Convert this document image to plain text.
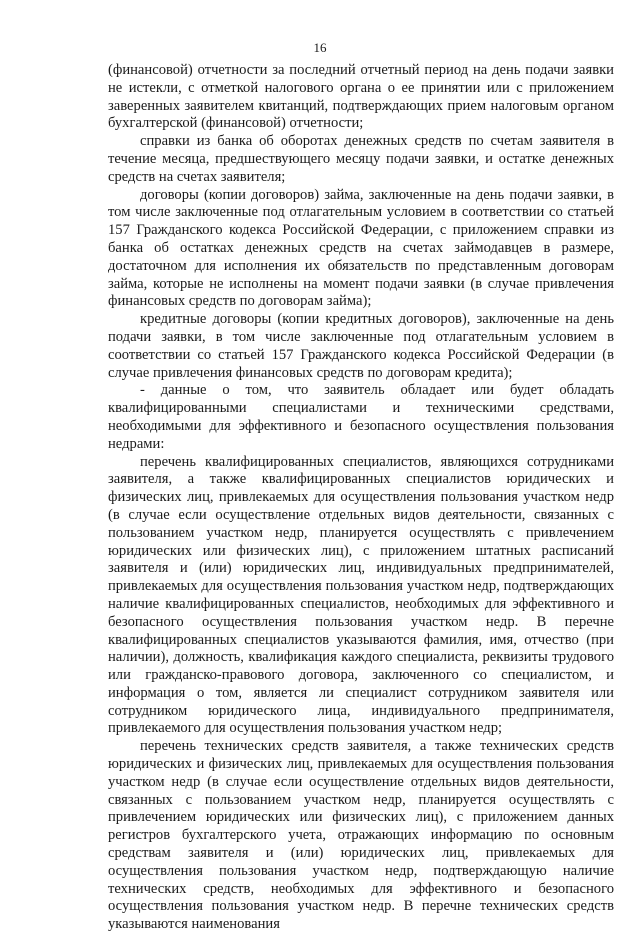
16

(финансовой) отчетности за последний отчетный период на день подачи заявки не истекли, с отметкой налогового органа о ее принятии или с приложением заверенных заявителем квитанций, подтверждающих прием налоговым органом бухгалтерской (финансовой) отчетности;

справки из банка об оборотах денежных средств по счетам заявителя в течение месяца, предшествующего месяцу подачи заявки, и остатке денежных средств на счетах заявителя;

договоры (копии договоров) займа, заключенные на день подачи заявки, в том числе заключенные под отлагательным условием в соответствии со статьей 157 Гражданского кодекса Российской Федерации, с приложением справки из банка об остатках денежных средств на счетах займодавцев в размере, достаточном для исполнения их обязательств по представленным договорам займа, которые не исполнены на момент подачи заявки (в случае привлечения финансовых средств по договорам займа);

кредитные договоры (копии кредитных договоров), заключенные на день подачи заявки, в том числе заключенные под отлагательным условием в соответствии со статьей 157 Гражданского кодекса Российской Федерации (в случае привлечения финансовых средств по договорам кредита);

- данные о том, что заявитель обладает или будет обладать квалифицированными специалистами и техническими средствами, необходимыми для эффективного и безопасного осуществления пользования недрами:

перечень квалифицированных специалистов, являющихся сотрудниками заявителя, а также квалифицированных специалистов юридических и физических лиц, привлекаемых для осуществления пользования участком недр (в случае если осуществление отдельных видов деятельности, связанных с пользованием участком недр, планируется осуществлять с привлечением юридических или физических лиц), с приложением штатных расписаний заявителя и (или) юридических лиц, индивидуальных предпринимателей, привлекаемых для осуществления пользования участком недр, подтверждающих наличие квалифицированных специалистов, необходимых для эффективного и безопасного осуществления пользования участком недр. В перечне квалифицированных специалистов указываются фамилия, имя, отчество (при наличии), должность, квалификация каждого специалиста, реквизиты трудового или гражданско-правового договора, заключенного со специалистом, и информация о том, является ли специалист сотрудником заявителя или сотрудником юридического лица, индивидуального предпринимателя, привлекаемого для осуществления пользования участком недр;

перечень технических средств заявителя, а также технических средств юридических и физических лиц, привлекаемых для осуществления пользования участком недр (в случае если осуществление отдельных видов деятельности, связанных с пользованием участком недр, планируется осуществлять с привлечением юридических или физических лиц), с приложением данных регистров бухгалтерского учета, отражающих информацию по основным средствам заявителя и (или) юридических лиц, привлекаемых для осуществления пользования участком недр, подтверждающую наличие технических средств, необходимых для эффективного и безопасного осуществления пользования участком недр. В перечне технических средств указываются наименования
